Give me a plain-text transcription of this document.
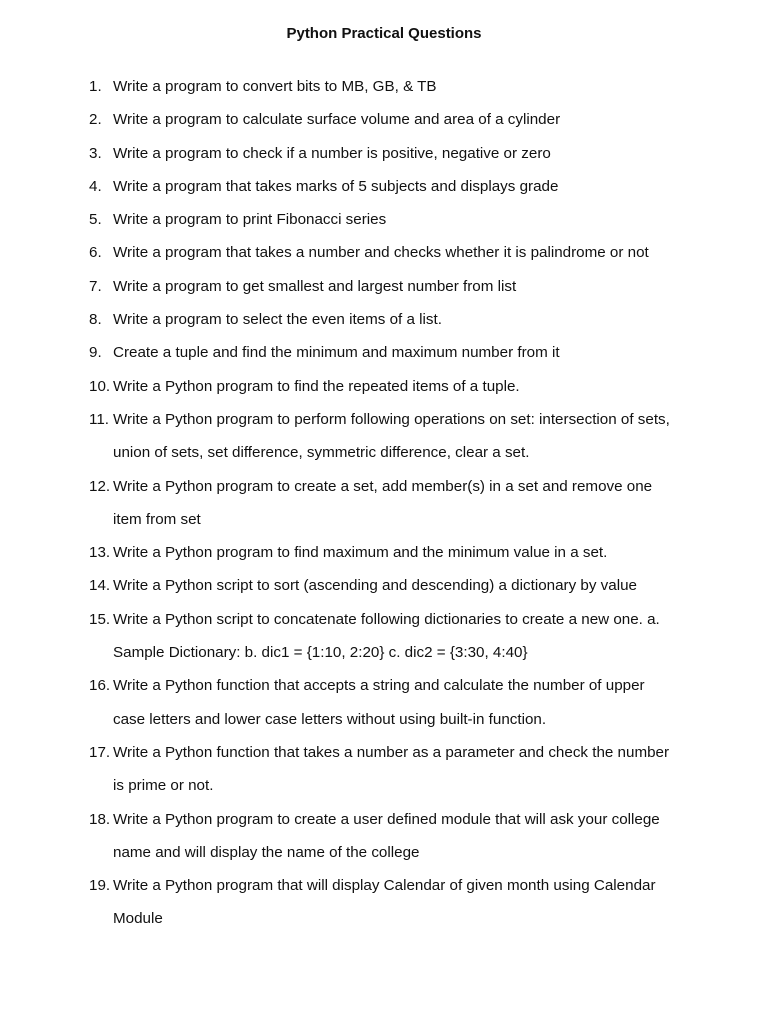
Python Practical Questions
1. Write a program to convert bits to MB, GB, & TB
2. Write a program to calculate surface volume and area of a cylinder
3. Write a program to check if a number is positive, negative or zero
4. Write a program that takes marks of 5 subjects and displays grade
5. Write a program to print Fibonacci series
6. Write a program that takes a number and checks whether it is palindrome or not
7. Write a program to get smallest and largest number from list
8. Write a program to select the even items of a list.
9. Create a tuple and find the minimum and maximum number from it
10. Write a Python program to find the repeated items of a tuple.
11. Write a Python program to perform following operations on set: intersection of sets, union of sets, set difference, symmetric difference, clear a set.
12. Write a Python program to create a set, add member(s) in a set and remove one item from set
13. Write a Python program to find maximum and the minimum value in a set.
14. Write a Python script to sort (ascending and descending) a dictionary by value
15. Write a Python script to concatenate following dictionaries to create a new one. a. Sample Dictionary: b. dic1 = {1:10, 2:20} c. dic2 = {3:30, 4:40}
16. Write a Python function that accepts a string and calculate the number of upper case letters and lower case letters without using built-in function.
17. Write a Python function that takes a number as a parameter and check the number is prime or not.
18. Write a Python program to create a user defined module that will ask your college name and will display the name of the college
19. Write a Python program that will display Calendar of given month using Calendar Module
